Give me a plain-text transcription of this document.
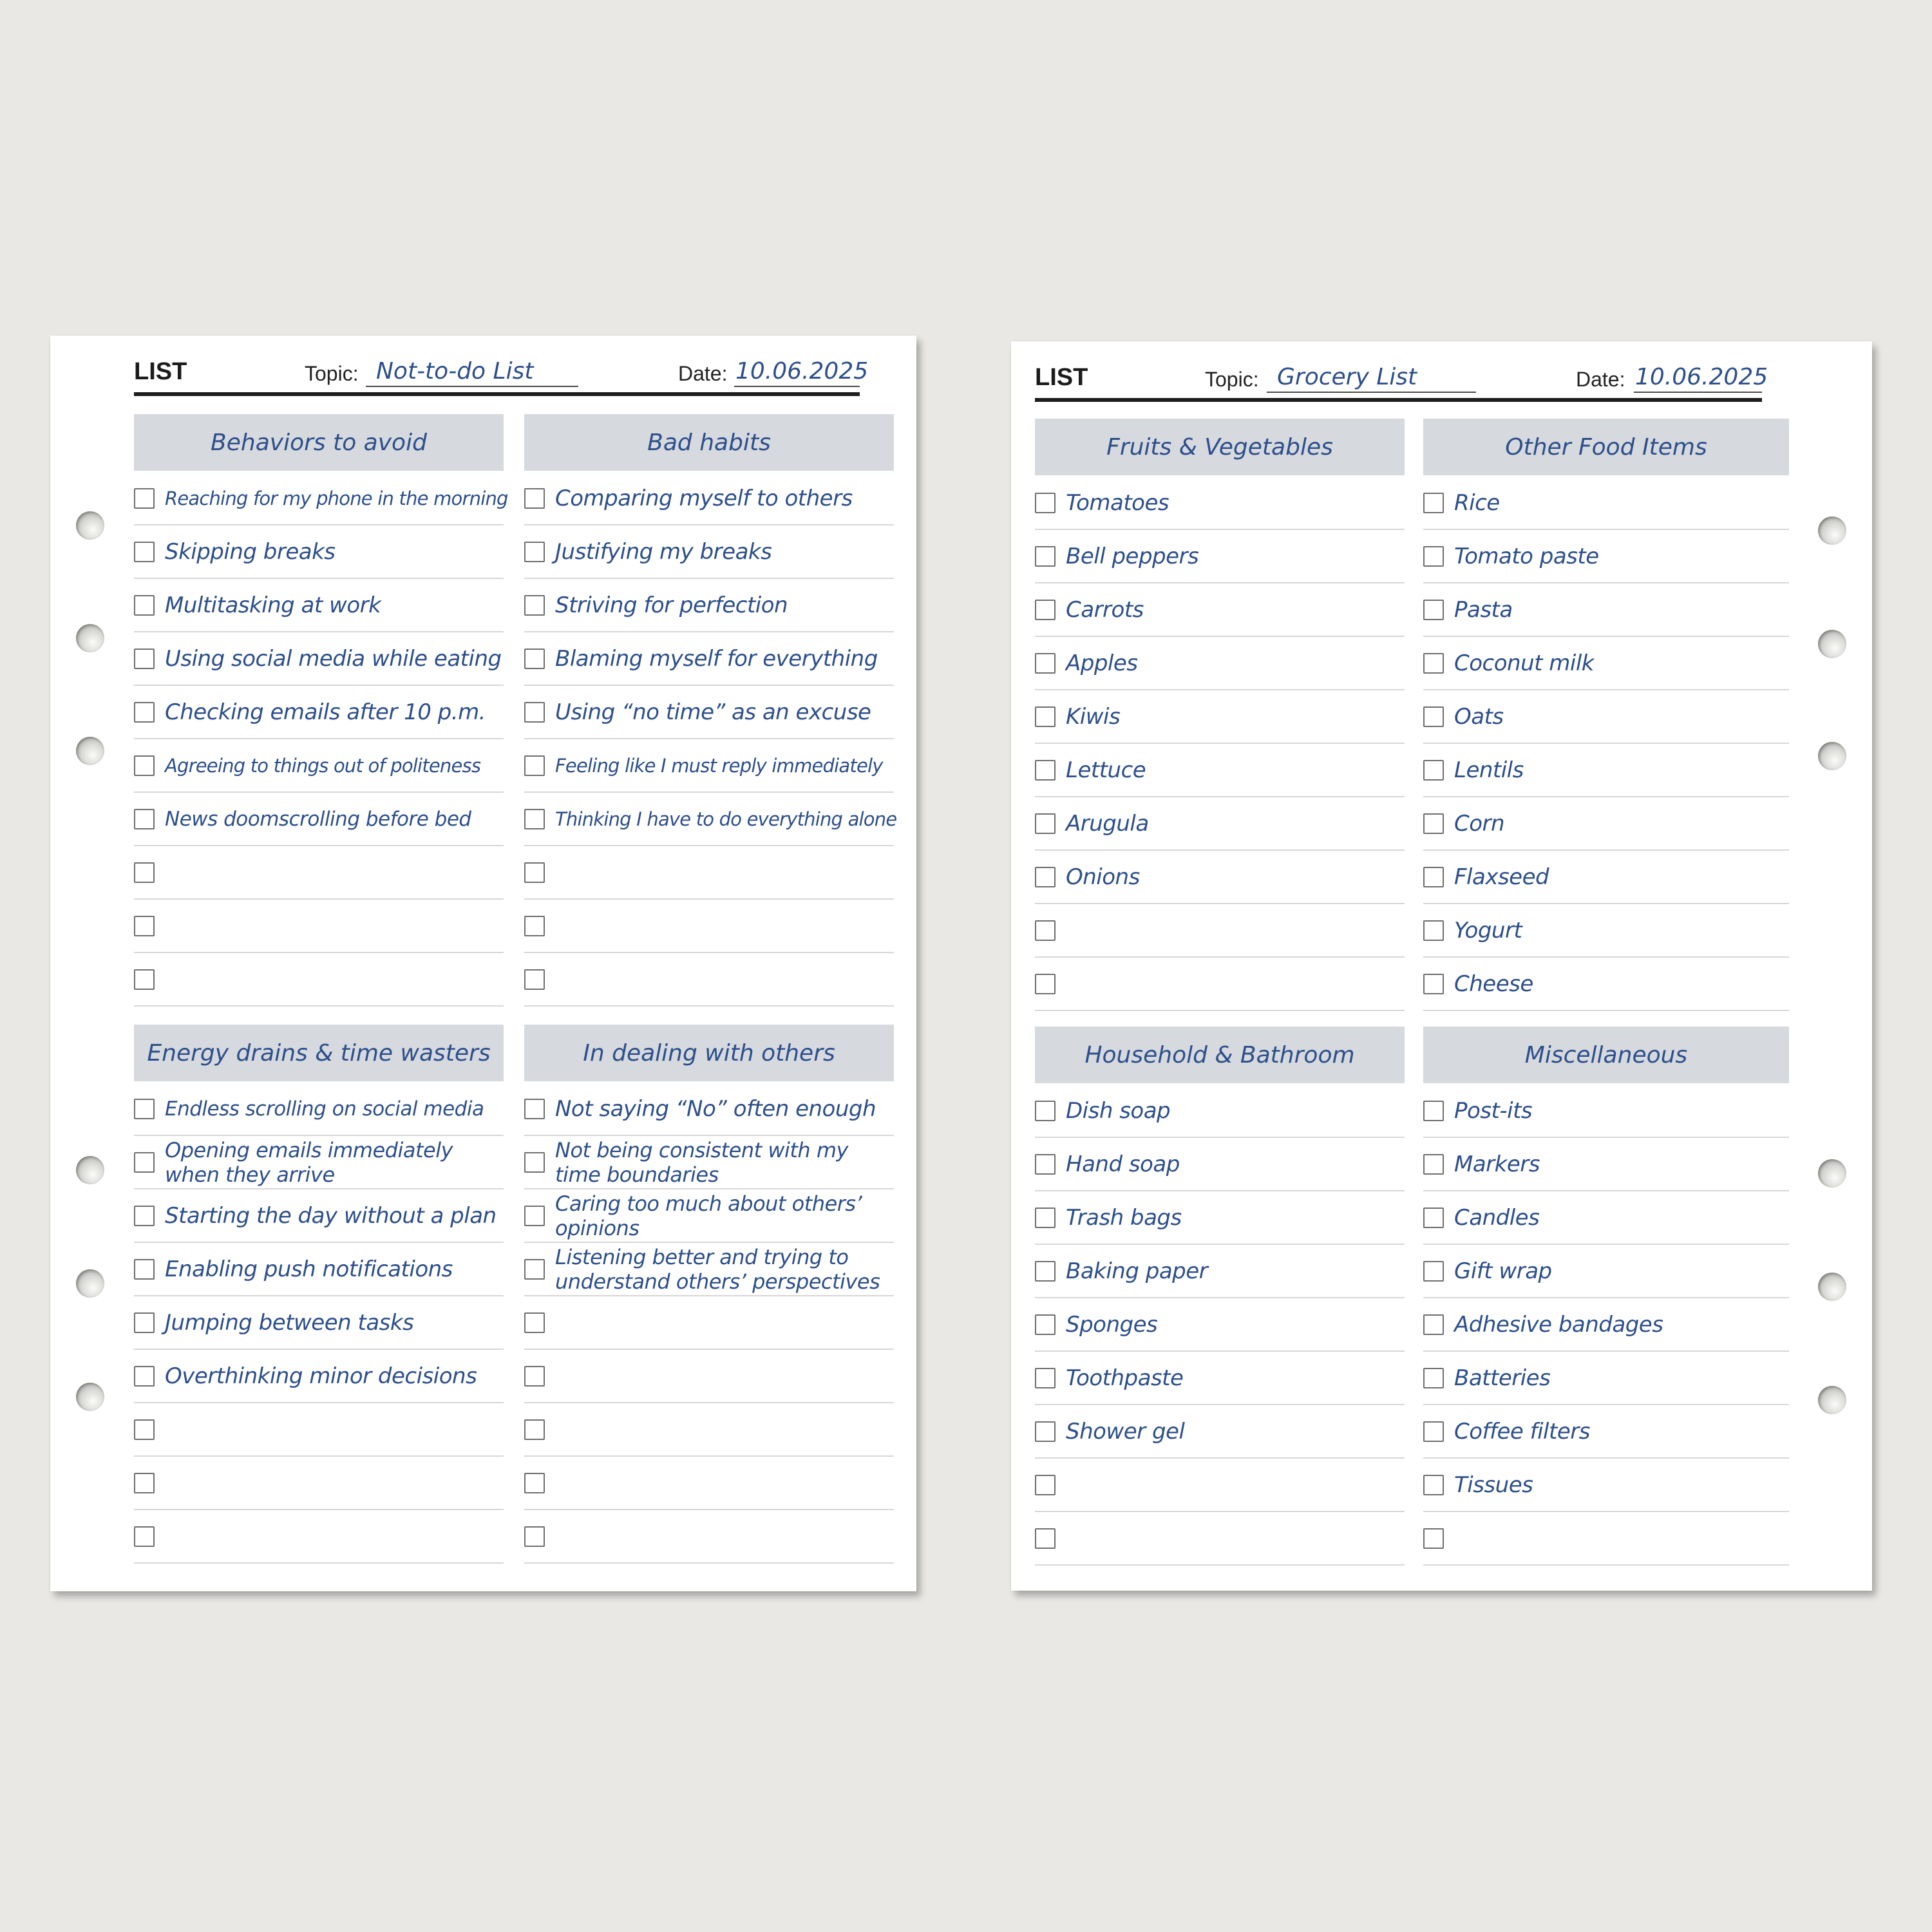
LIST	Topic: Not-to-do List	Date: 10.06.2025
Behaviors to avoid
Reaching for my phone in the morning
Skipping breaks
Multitasking at work
Using social media while eating
Checking emails after 10 p.m.
Agreeing to things out of politeness
News doomscrolling before bed
Bad habits
Comparing myself to others
Justifying my breaks
Striving for perfection
Blaming myself for everything
Using “no time” as an excuse
Feeling like I must reply immediately
Thinking I have to do everything alone
Energy drains & time wasters
Endless scrolling on social media
Opening emails immediately when they arrive
Starting the day without a plan
Enabling push notifications
Jumping between tasks
Overthinking minor decisions
In dealing with others
Not saying “No” often enough
Not being consistent with my time boundaries
Caring too much about others’ opinions
Listening better and trying to understand others’ perspectives
LIST	Topic: Grocery List	Date: 10.06.2025
Fruits & Vegetables
Tomatoes
Bell peppers
Carrots
Apples
Kiwis
Lettuce
Arugula
Onions
Other Food Items
Rice
Tomato paste
Pasta
Coconut milk
Oats
Lentils
Corn
Flaxseed
Yogurt
Cheese
Household & Bathroom
Dish soap
Hand soap
Trash bags
Baking paper
Sponges
Toothpaste
Shower gel
Miscellaneous
Post-its
Markers
Candles
Gift wrap
Adhesive bandages
Batteries
Coffee filters
Tissues
